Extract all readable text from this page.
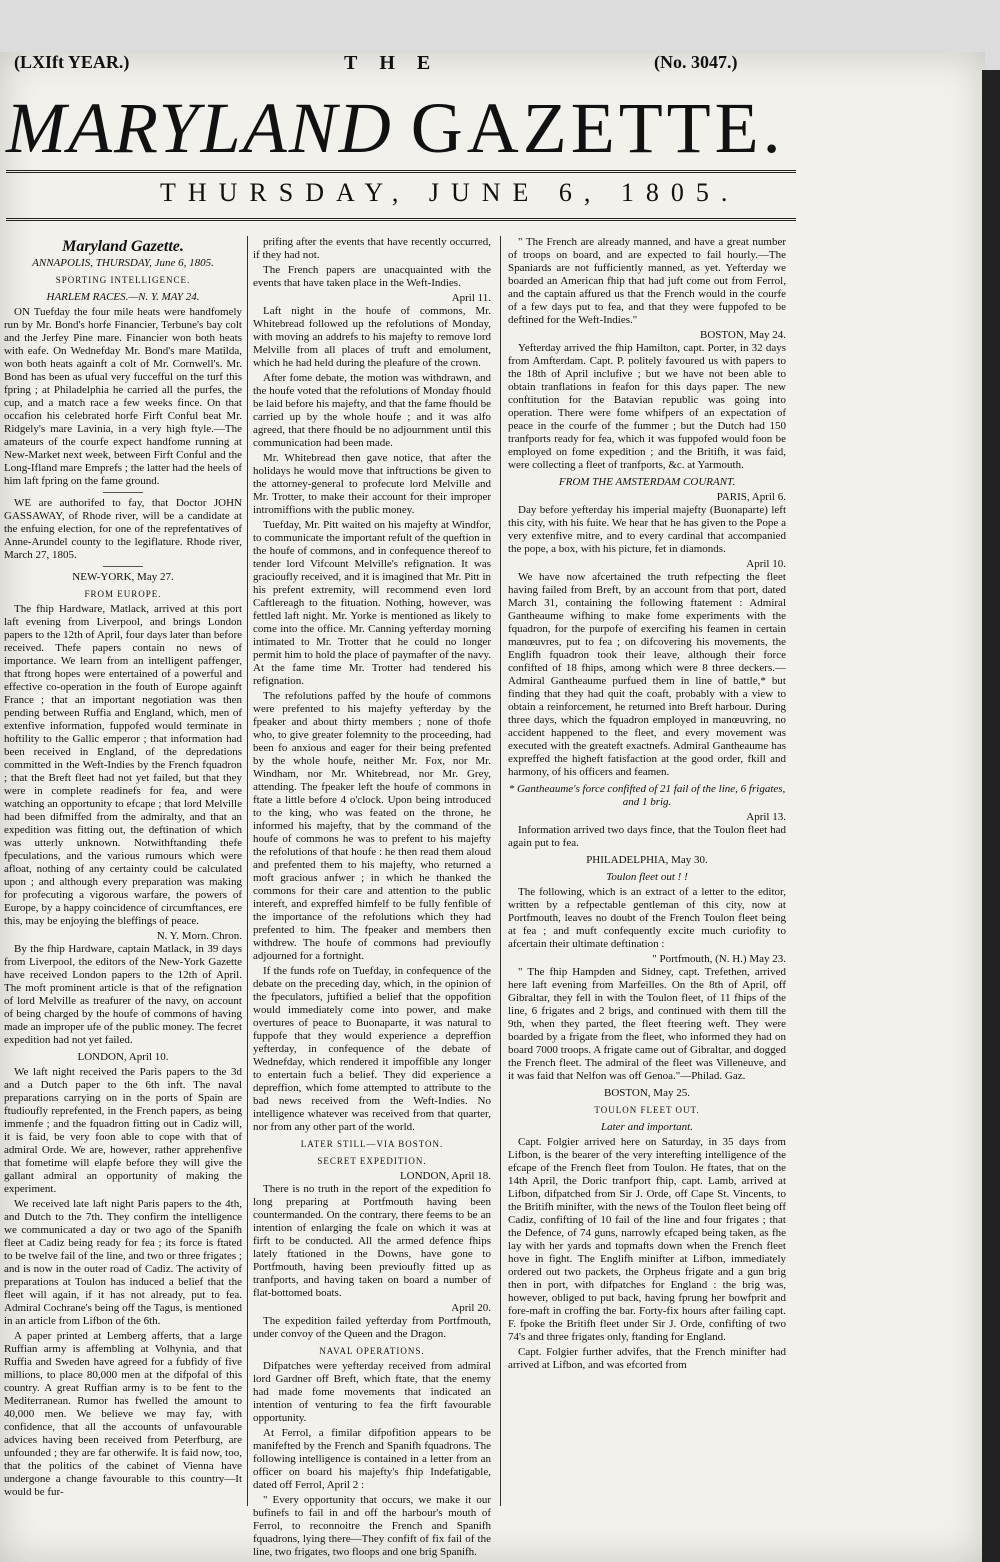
(LXIft YEAR.)	THE	(No. 3047.)
MARYLAND GAZETTE.
THURSDAY, JUNE 6, 1805.
Maryland Gazette.
ANNAPOLIS, THURSDAY, June 6, 1805.
SPORTING INTELLIGENCE.
HARLEM RACES.—N. Y. MAY 24.

ON Tuefday the four mile heats were handfomely run by Mr. Bond's horfe Financier, Terbune's bay colt and the Jerfey Pine mare. Financier won both heats with eafe. On Wednefday Mr. Bond's mare Matilda, won both heats againft a colt of Mr. Cornwell's. Mr. Bond has been as ufual very fuccefful on the turf this fpring ; at Philadelphia he carried all the purfes, the cup, and a match race a few weeks fince. On that occafion his celebrated horfe Firft Conful beat Mr. Ridgely's mare Lavinia, in a very high ftyle.—The amateurs of the courfe expect handfome running at New-Market next week, between Firft Conful and the Long-Ifland mare Emprefs ; the latter had the heels of him laft fpring on the fame ground.

WE are authorifed to fay, that Doctor JOHN GASSAWAY, of Rhode river, will be a candidate at the enfuing election, for one of the reprefentatives of Anne-Arundel county to the legiflature. Rhode river, March 27, 1805.

NEW-YORK, May 27.
FROM EUROPE.

The fhip Hardware, Matlack, arrived at this port laft evening from Liverpool, and brings London papers to the 12th of April, four days later than before received. Thefe papers contain no news of importance. We learn from an intelligent paffenger, that ftrong hopes were entertained of a powerful and effective co-operation in the fouth of Europe againft France ; that an important negotiation was then pending between Ruffia and England, which, men of extenfive information, fuppofed would terminate in hoftility to the Gallic emperor ; that information had been received in England, of the depredations committed in the Weft-Indies by the French fquadron ; that the Breft fleet had not yet failed, but that they were in complete readinefs for fea, and were watching an opportunity to efcape ; that lord Melville had been difmiffed from the admiralty, and that an expedition was fitting out, the deftination of which was utterly unknown. Notwithftanding thefe fpeculations, and the various rumours which were afloat, nothing of any certainty could be calculated upon ; and although every preparation was making for profecuting a vigorous warfare, the powers of Europe, by a happy coincidence of circumftances, ere this, may be enjoying the bleffings of peace.

N. Y. Morn. Chron.

By the fhip Hardware, captain Matlack, in 39 days from Liverpool, the editors of the New-York Gazette have received London papers to the 12th of April. The moft prominent article is that of the refignation of lord Melville as treafurer of the navy, on account of being charged by the houfe of commons of having made an improper ufe of the public money. The fecret expedition had not yet failed.

LONDON, April 10.

We laft night received the Paris papers to the 3d and a Dutch paper to the 6th inft. The naval preparations carrying on in the ports of Spain are ftudioufly reprefented, in the French papers, as being immenfe ; and the fquadron fitting out in Cadiz will, it is faid, be very foon able to cope with that of admiral Orde. We are, however, rather apprehenfive that fometime will elapfe before they will give the gallant admiral an opportunity of making the experiment.

We received late laft night Paris papers to the 4th, and Dutch to the 7th. They confirm the intelligence we communicated a day or two ago of the Spanifh fleet at Cadiz being ready for fea ; its force is ftated to be twelve fail of the line, and two or three frigates ; and is now in the outer road of Cadiz. The activity of preparations at Toulon has induced a belief that the fleet will again, if it has not already, put to fea. Admiral Cochrane's being off the Tagus, is mentioned in an article from Lifbon of the 6th.

A paper printed at Lemberg afferts, that a large Ruffian army is affembling at Volhynia, and that Ruffia and Sweden have agreed for a fubfidy of five millions, to place 80,000 men at the difpofal of this country. A great Ruffian army is to be fent to the Mediterranean. Rumor has fwelled the amount to 40,000 men. We believe we may fay, with confidence, that all the accounts of unfavourable advices having been received from Peterfburg, are unfounded ; they are far otherwife. It is faid now, too, that the politics of the cabinet of Vienna have undergone a change favourable to this country—It would be fur-

prifing after the events that have recently occurred, if they had not.

The French papers are unacquainted with the events that have taken place in the Weft-Indies.

April 11.

Laft night in the houfe of commons, Mr. Whitebread followed up the refolutions of Monday, with moving an addrefs to his majefty to remove lord Melville from all places of truft and emolument, which he had held during the pleafure of the crown.

After fome debate, the motion was withdrawn, and the houfe voted that the refolutions of Monday fhould be laid before his majefty, and that the fame fhould be carried up by the whole houfe ; and it was alfo agreed, that there fhould be no adjournment until this communication had been made.

Mr. Whitebread then gave notice, that after the holidays he would move that inftructions be given to the attorney-general to profecute lord Melville and Mr. Trotter, to make their account for their improper intromiffions with the public money.

Tuefday, Mr. Pitt waited on his majefty at Windfor, to communicate the important refult of the queftion in the houfe of commons, and in confequence thereof to tender lord Vifcount Melville's refignation. It was gracioufly received, and it is imagined that Mr. Pitt in his prefent extremity, will recommend even lord Caftlereagh to the fituation. Nothing, however, was fettled laft night. Mr. Yorke is mentioned as likely to come into the office. Mr. Canning yefterday morning intimated to Mr. Trotter that he could no longer permit him to hold the place of paymafter of the navy. At the fame time Mr. Trotter had tendered his refignation.

The refolutions paffed by the houfe of commons were prefented to his majefty yefterday by the fpeaker and about thirty members ; none of thofe who, to give greater folemnity to the proceeding, had been fo anxious and eager for their being prefented by the whole houfe, neither Mr. Fox, nor Mr. Windham, nor Mr. Whitebread, nor Mr. Grey, attending. The fpeaker left the houfe of commons in ftate a little before 4 o'clock. Upon being introduced to the king, who was feated on the throne, he informed his majefty, that by the command of the houfe of commons he was to prefent to his majefty the refolutions of that houfe : he then read them aloud and prefented them to his majefty, who returned a moft gracious anfwer ; in which he thanked the commons for their care and attention to the public intereft, and expreffed himfelf to be fully fenfible of the importance of the refolutions which they had prefented to him. The fpeaker and members then withdrew. The houfe of commons had previoufly adjourned for a fortnight.

If the funds rofe on Tuefday, in confequence of the debate on the preceding day, which, in the opinion of the fpeculators, juftified a belief that the oppofition would immediately come into power, and make overtures of peace to Buonaparte, it was natural to fuppofe that they would experience a depreffion yefterday, in confequence of the debate of Wednefday, which rendered it impoffible any longer to entertain fuch a belief. They did experience a depreffion, which fome attempted to attribute to the bad news received from the Weft-Indies. No intelligence whatever was received from that quarter, nor from any other part of the world.

LATER STILL—VIA BOSTON.
SECRET EXPEDITION.
LONDON, April 18.

There is no truth in the report of the expedition fo long preparing at Portfmouth having been countermanded. On the contrary, there feems to be an intention of enlarging the fcale on which it was at firft to be conducted. All the armed defence fhips lately ftationed in the Downs, have gone to Portfmouth, having been previoufly fitted up as tranfports, and having taken on board a number of flat-bottomed boats.

April 20.

The expedition failed yefterday from Portfmouth, under convoy of the Queen and the Dragon.

NAVAL OPERATIONS.

Difpatches were yefterday received from admiral lord Gardner off Breft, which ftate, that the enemy had made fome movements that indicated an intention of venturing to fea the firft favourable opportunity.

At Ferrol, a fimilar difpofition appears to be manifefted by the French and Spanifh fquadrons. The following intelligence is contained in a letter from an officer on board his majefty's fhip Indefatigable, dated off Ferrol, April 2 :

" Every opportunity that occurs, we make it our bufinefs to fail in and off the harbour's mouth of Ferrol, to reconnoitre the French and Spanifh fquadrons, lying there—They confift of fix fail of the line, two frigates, two floops and one brig Spanifh.

" The French are already manned, and have a great number of troops on board, and are expected to fail hourly.—The Spaniards are not fufficiently manned, as yet. Yefterday we boarded an American fhip that had juft come out from Ferrol, and the captain affured us that the French would in the courfe of a few days put to fea, and that they were fuppofed to be deftined for the Weft-Indies."

BOSTON, May 24.

Yefterday arrived the fhip Hamilton, capt. Porter, in 32 days from Amfterdam. Capt. P. politely favoured us with papers to the 18th of April inclufive ; but we have not been able to obtain tranflations in feafon for this days paper. The new conftitution for the Batavian republic was going into operation. There were fome whifpers of an expectation of peace in the courfe of the fummer ; but the Dutch had 150 tranfports ready for fea, which it was fuppofed would foon be employed on fome expedition ; and the Britifh, it was faid, were collecting a fleet of tranfports, &c. at Yarmouth.

FROM THE AMSTERDAM COURANT.
PARIS, April 6.

Day before yefterday his imperial majefty (Buonaparte) left this city, with his fuite. We hear that he has given to the Pope a very extenfive mitre, and to every cardinal that accompanied the pope, a box, with his picture, fet in diamonds.

April 10.

We have now afcertained the truth refpecting the fleet having failed from Breft, by an account from that port, dated March 31, containing the following ftatement : Admiral Gantheaume wifhing to make fome experiments with the fquadron, for the purpofe of exercifing his feamen in certain manœuvres, put to fea ; on difcovering his movements, the Englifh fquadron took their leave, although their force confifted of 18 fhips, among which were 8 three deckers.— Admiral Gantheaume purfued them in line of battle,* but finding that they had quit the coaft, probably with a view to obtain a reinforcement, he returned into Breft harbour. During three days, which the fquadron employed in manœuvring, no accident happened to the fleet, and every movement was executed with the greateft exactnefs. Admiral Gantheaume has expreffed the higheft fatisfaction at the good order, fkill and harmony, of his officers and feamen.

* Gantheaume's force confifted of 21 fail of the line, 6 frigates, and 1 brig.
April 13.

Information arrived two days fince, that the Toulon fleet had again put to fea.

PHILADELPHIA, May 30.
Toulon fleet out ! !

The following, which is an extract of a letter to the editor, written by a refpectable gentleman of this city, now at Portfmouth, leaves no doubt of the French Toulon fleet being at fea ; and muft confequently excite much curiofity to afcertain their ultimate deftination :

" Portfmouth, (N. H.) May 23.

" The fhip Hampden and Sidney, capt. Trefethen, arrived here laft evening from Marfeilles. On the 8th of April, off Gibraltar, they fell in with the Toulon fleet, of 11 fhips of the line, 6 frigates and 2 brigs, and continued with them till the 9th, when they parted, the fleet fteering weft. They were boarded by a frigate from the fleet, who informed they had on board 7000 troops. A frigate came out of Gibraltar, and dogged the French fleet. The admiral of the fleet was Villeneuve, and it was faid that Nelfon was off Genoa."—Philad. Gaz.

BOSTON, May 25.
TOULON FLEET OUT.
Later and important.

Capt. Folgier arrived here on Saturday, in 35 days from Lifbon, is the bearer of the very interefting intelligence of the efcape of the French fleet from Toulon. He ftates, that on the 14th April, the Doric tranfport fhip, capt. Lamb, arrived at Lifbon, difpatched from Sir J. Orde, off Cape St. Vincents, to the Britifh minifter, with the news of the Toulon fleet being off Cadiz, confifting of 10 fail of the line and four frigates ; that the Defence, of 74 guns, narrowly efcaped being taken, as fhe lay with her yards and topmafts down when the French fleet hove in fight. The Englifh minifter at Lifbon, immediately ordered out two packets, the Orpheus frigate and a gun brig then in port, with difpatches for England : the brig was, however, obliged to put back, having fprung her bowfprit and fore-maft in croffing the bar. Forty-fix hours after failing capt. F. fpoke the Britifh fleet under Sir J. Orde, confifting of two 74's and three frigates only, ftanding for England.

Capt. Folgier further advifes, that the French minifter had arrived at Lifbon, and was efcorted from
